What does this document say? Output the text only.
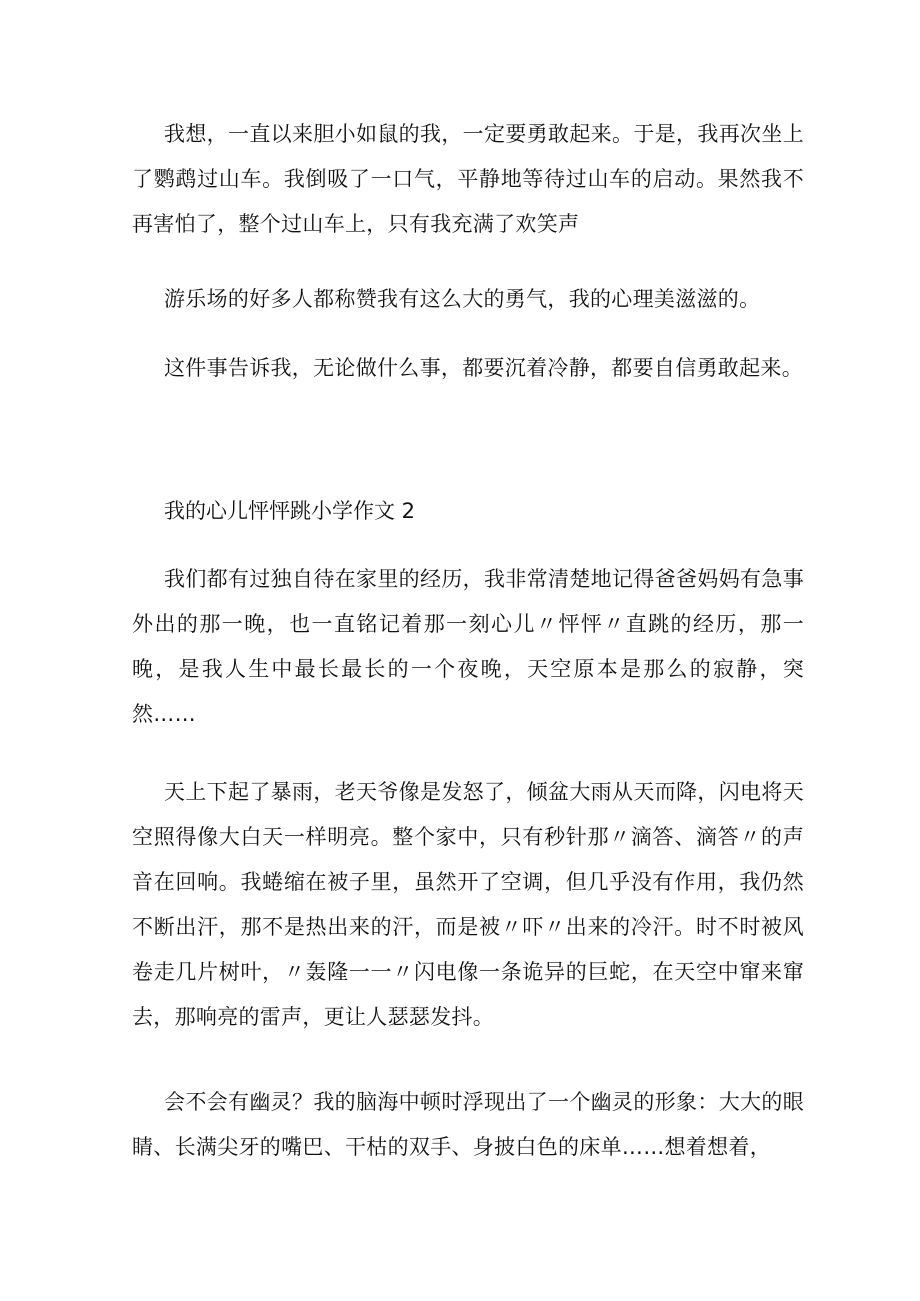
我想，一直以来胆小如鼠的我，一定要勇敢起来。于是，我再次坐上了鹦鹉过山车。我倒吸了一口气，平静地等待过山车的启动。果然我不再害怕了，整个过山车上，只有我充满了欢笑声

游乐场的好多人都称赞我有这么大的勇气，我的心理美滋滋的。

这件事告诉我，无论做什么事，都要沉着冷静，都要自信勇敢起来。

我的心儿怦怦跳小学作文 2

我们都有过独自待在家里的经历，我非常清楚地记得爸爸妈妈有急事外出的那一晚，也一直铭记着那一刻心儿〃怦怦〃直跳的经历，那一晚，是我人生中最长最长的一个夜晚，天空原本是那么的寂静，突然……

天上下起了暴雨，老天爷像是发怒了，倾盆大雨从天而降，闪电将天空照得像大白天一样明亮。整个家中，只有秒针那〃滴答、滴答〃的声音在回响。我蜷缩在被子里，虽然开了空调，但几乎没有作用，我仍然不断出汗，那不是热出来的汗，而是被〃吓〃出来的冷汗。时不时被风卷走几片树叶，〃轰隆一一〃闪电像一条诡异的巨蛇，在天空中窜来窜去，那响亮的雷声，更让人瑟瑟发抖。

会不会有幽灵？我的脑海中顿时浮现出了一个幽灵的形象：大大的眼睛、长满尖牙的嘴巴、干枯的双手、身披白色的床单……想着想着，
